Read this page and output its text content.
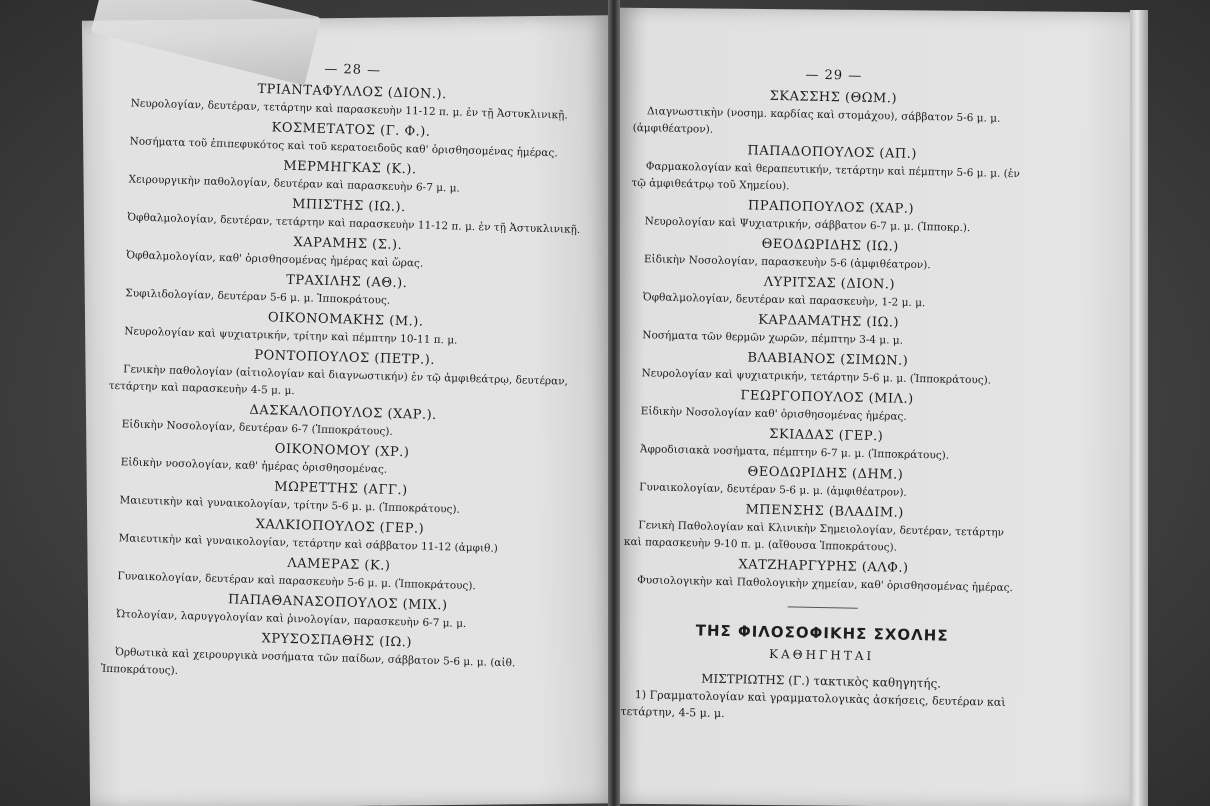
— 28 —
ΤΡΙΑΝΤΑΦΥΛΛΟΣ (ΔΙΟΝ.).
Νευρολογίαν, δευτέραν, τετάρτην καὶ παρασκευὴν 11-12 π. μ. ἐν τῇ Ἀστυκλινικῇ.
ΚΟΣΜΕΤΑΤΟΣ (Γ. Φ.).
Νοσήματα τοῦ ἐπιπεφυκότος καὶ τοῦ κερατοειδοῦς καθ' ὁρισθησομένας ἡμέρας.
ΜΕΡΜΗΓΚΑΣ (Κ.).
Χειρουργικὴν παθολογίαν, δευτέραν καὶ παρασκευὴν 6-7 μ. μ.
ΜΠΙΣΤΗΣ (ΙΩ.).
Ὀφθαλμολογίαν, δευτέραν, τετάρτην καὶ παρασκευὴν 11-12 π. μ. ἐν τῇ Ἀστυκλινικῇ.
ΧΑΡΑΜΗΣ (Σ.).
Ὀφθαλμολογίαν, καθ' ὁρισθησομένας ἡμέρας καὶ ὥρας.
ΤΡΑΧΙΛΗΣ (ΑΘ.).
Συφιλιδολογίαν, δευτέραν 5-6 μ. μ. Ἱπποκράτους.
ΟΙΚΟΝΟΜΑΚΗΣ (Μ.).
Νευρολογίαν καὶ ψυχιατρικήν, τρίτην καὶ πέμπτην 10-11 π. μ.
ΡΟΝΤΟΠΟΥΛΟΣ (ΠΕΤΡ.).
Γενικὴν παθολογίαν (αἰτιολογίαν καὶ διαγνωστικήν) ἐν τῷ ἀμφιθεάτρῳ, δευτέραν, τετάρτην καὶ παρασκευὴν 4-5 μ. μ.
ΔΑΣΚΑΛΟΠΟΥΛΟΣ (ΧΑΡ.).
Εἰδικὴν Νοσολογίαν, δευτέραν 6-7 (Ἱπποκράτους).
ΟΙΚΟΝΟΜΟΥ (ΧΡ.)
Εἰδικὴν νοσολογίαν, καθ' ἡμέρας ὁρισθησομένας.
ΜΩΡΕΤΤΗΣ (ΑΓΓ.)
Μαιευτικὴν καὶ γυναικολογίαν, τρίτην 5-6 μ. μ. (Ἱπποκράτους).
ΧΑΛΚΙΟΠΟΥΛΟΣ (ΓΕΡ.)
Μαιευτικὴν καὶ γυναικολογίαν, τετάρτην καὶ σάββατον 11-12 (ἀμφιθ.)
ΛΑΜΕΡΑΣ (Κ.)
Γυναικολογίαν, δευτέραν καὶ παρασκευὴν 5-6 μ. μ. (Ἱπποκράτους).
ΠΑΠΑΘΑΝΑΣΟΠΟΥΛΟΣ (ΜΙΧ.)
Ὠτολογίαν, λαρυγγολογίαν καὶ ῥινολογίαν, παρασκευὴν 6-7 μ. μ.
ΧΡΥΣΟΣΠΑΘΗΣ (ΙΩ.)
Ὀρθωτικὰ καὶ χειρουργικὰ νοσήματα τῶν παίδων, σάββατον 5-6 μ. μ. (αἰθ. Ἱπποκράτους).
— 29 —
ΣΚΑΣΣΗΣ (ΘΩΜ.)
Διαγνωστικὴν (νοσημ. καρδίας καὶ στομάχου), σάββατον 5-6 μ. μ. (ἀμφιθέατρον).
ΠΑΠΑΔΟΠΟΥΛΟΣ (ΑΠ.)
Φαρμακολογίαν καὶ θεραπευτικήν, τετάρτην καὶ πέμπτην 5-6 μ. μ. (ἐν τῷ ἀμφιθεάτρῳ τοῦ Χημείου).
ΠΡΑΠΟΠΟΥΛΟΣ (ΧΑΡ.)
Νευρολογίαν καὶ Ψυχιατρικήν, σάββατον 6-7 μ. μ. (Ἱπποκρ.).
ΘΕΟΔΩΡΙΔΗΣ (ΙΩ.)
Εἰδικὴν Νοσολογίαν, παρασκευὴν 5-6 (ἀμφιθέατρον).
ΛΥΡΙΤΣΑΣ (ΔΙΟΝ.)
Ὀφθαλμολογίαν, δευτέραν καὶ παρασκευὴν, 1-2 μ. μ.
ΚΑΡΔΑΜΑΤΗΣ (ΙΩ.)
Νοσήματα τῶν θερμῶν χωρῶν, πέμπτην 3-4 μ. μ.
ΒΛΑΒΙΑΝΟΣ (ΣΙΜΩΝ.)
Νευρολογίαν καὶ ψυχιατρικήν, τετάρτην 5-6 μ. μ. (Ἱπποκράτους).
ΓΕΩΡΓΟΠΟΥΛΟΣ (ΜΙΛ.)
Εἰδικὴν Νοσολογίαν καθ' ὁρισθησομένας ἡμέρας.
ΣΚΙΑΔΑΣ (ΓΕΡ.)
Ἀφροδισιακὰ νοσήματα, πέμπτην 6-7 μ. μ. (Ἱπποκράτους).
ΘΕΟΔΩΡΙΔΗΣ (ΔΗΜ.)
Γυναικολογίαν, δευτέραν 5-6 μ. μ. (ἀμφιθέατρον).
ΜΠΕΝΣΗΣ (ΒΛΑΔΙΜ.)
Γενικὴ Παθολογίαν καὶ Κλινικὴν Σημειολογίαν, δευτέραν, τετάρτην καὶ παρασκευὴν 9-10 π. μ. (αἴθουσα Ἱπποκράτους).
ΧΑΤΖΗΑΡΓΥΡΗΣ (ΑΛΦ.)
Φυσιολογικὴν καὶ Παθολογικὴν χημείαν, καθ' ὁρισθησομένας ἡμέρας.
ΤΗΣ ΦΙΛΟΣΟΦΙΚΗΣ ΣΧΟΛΗΣ
ΚΑΘΗΓΗΤΑΙ
ΜΙΣΤΡΙΩΤΗΣ (Γ.) τακτικὸς καθηγητής.
1) Γραμματολογίαν καὶ γραμματολογικὰς ἀσκήσεις, δευτέραν καὶ τετάρτην, 4-5 μ. μ.
